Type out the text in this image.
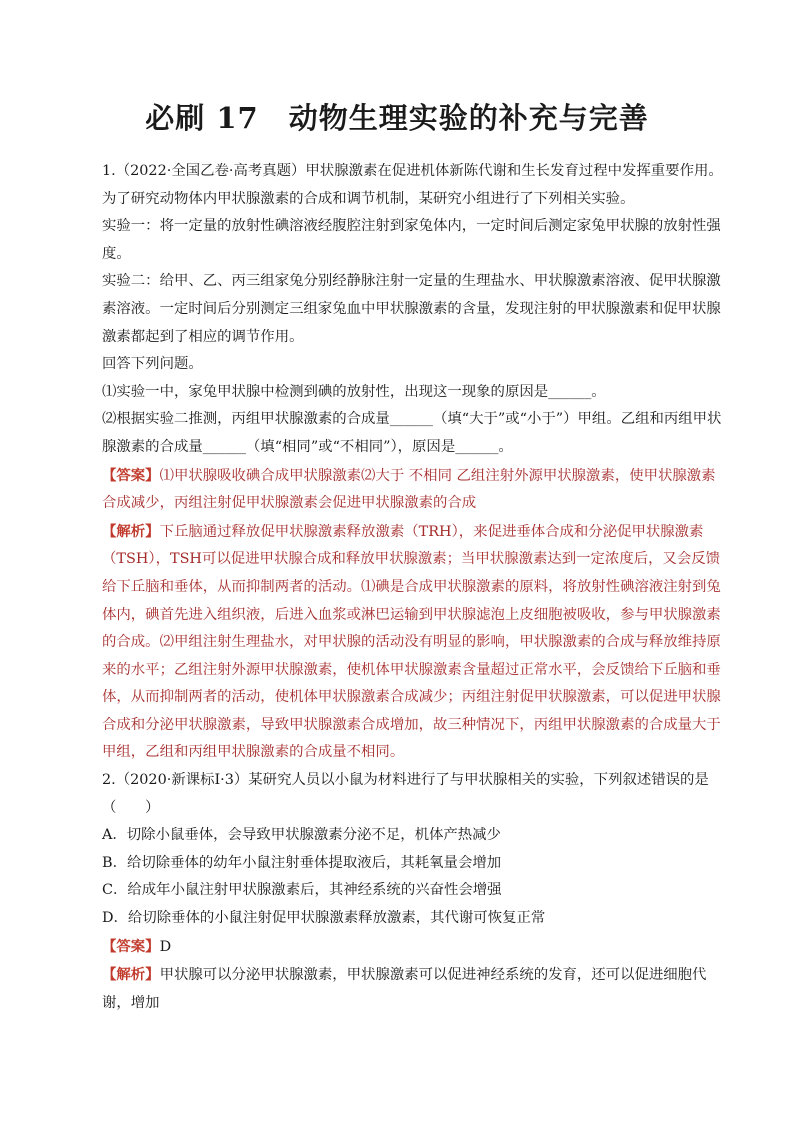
必刷 17　动物生理实验的补充与完善

1.（2022·全国乙卷·高考真题）甲状腺激素在促进机体新陈代谢和生长发育过程中发挥重要作用。为了研究动物体内甲状腺激素的合成和调节机制，某研究小组进行了下列相关实验。

实验一：将一定量的放射性碘溶液经腹腔注射到家兔体内，一定时间后测定家兔甲状腺的放射性强度。

实验二：给甲、乙、丙三组家兔分别经静脉注射一定量的生理盐水、甲状腺激素溶液、促甲状腺激素溶液。一定时间后分别测定三组家兔血中甲状腺激素的含量，发现注射的甲状腺激素和促甲状腺激素都起到了相应的调节作用。

回答下列问题。

⑴实验一中，家兔甲状腺中检测到碘的放射性，出现这一现象的原因是______。

⑵根据实验二推测，丙组甲状腺激素的合成量______（填“大于”或“小于”）甲组。乙组和丙组甲状腺激素的合成量______（填“相同”或“不相同”），原因是______。

【答案】⑴甲状腺吸收碘合成甲状腺激素⑵大于 不相同 乙组注射外源甲状腺激素，使甲状腺激素合成减少，丙组注射促甲状腺激素会促进甲状腺激素的合成

【解析】下丘脑通过释放促甲状腺激素释放激素（TRH），来促进垂体合成和分泌促甲状腺激素（TSH），TSH可以促进甲状腺合成和释放甲状腺激素；当甲状腺激素达到一定浓度后，又会反馈给下丘脑和垂体，从而抑制两者的活动。⑴碘是合成甲状腺激素的原料，将放射性碘溶液注射到兔体内，碘首先进入组织液，后进入血浆或淋巴运输到甲状腺滤泡上皮细胞被吸收，参与甲状腺激素的合成。⑵甲组注射生理盐水，对甲状腺的活动没有明显的影响，甲状腺激素的合成与释放维持原来的水平；乙组注射外源甲状腺激素，使机体甲状腺激素含量超过正常水平，会反馈给下丘脑和垂体，从而抑制两者的活动，使机体甲状腺激素合成减少；丙组注射促甲状腺激素，可以促进甲状腺合成和分泌甲状腺激素，导致甲状腺激素合成增加，故三种情况下，丙组甲状腺激素的合成量大于甲组，乙组和丙组甲状腺激素的合成量不相同。

2.（2020·新课标Ⅰ·3）某研究人员以小鼠为材料进行了与甲状腺相关的实验，下列叙述错误的是（　　）

A．切除小鼠垂体，会导致甲状腺激素分泌不足，机体产热减少

B．给切除垂体的幼年小鼠注射垂体提取液后，其耗氧量会增加

C．给成年小鼠注射甲状腺激素后，其神经系统的兴奋性会增强

D．给切除垂体的小鼠注射促甲状腺激素释放激素，其代谢可恢复正常

【答案】D

【解析】甲状腺可以分泌甲状腺激素，甲状腺激素可以促进神经系统的发育，还可以促进细胞代谢，增加
